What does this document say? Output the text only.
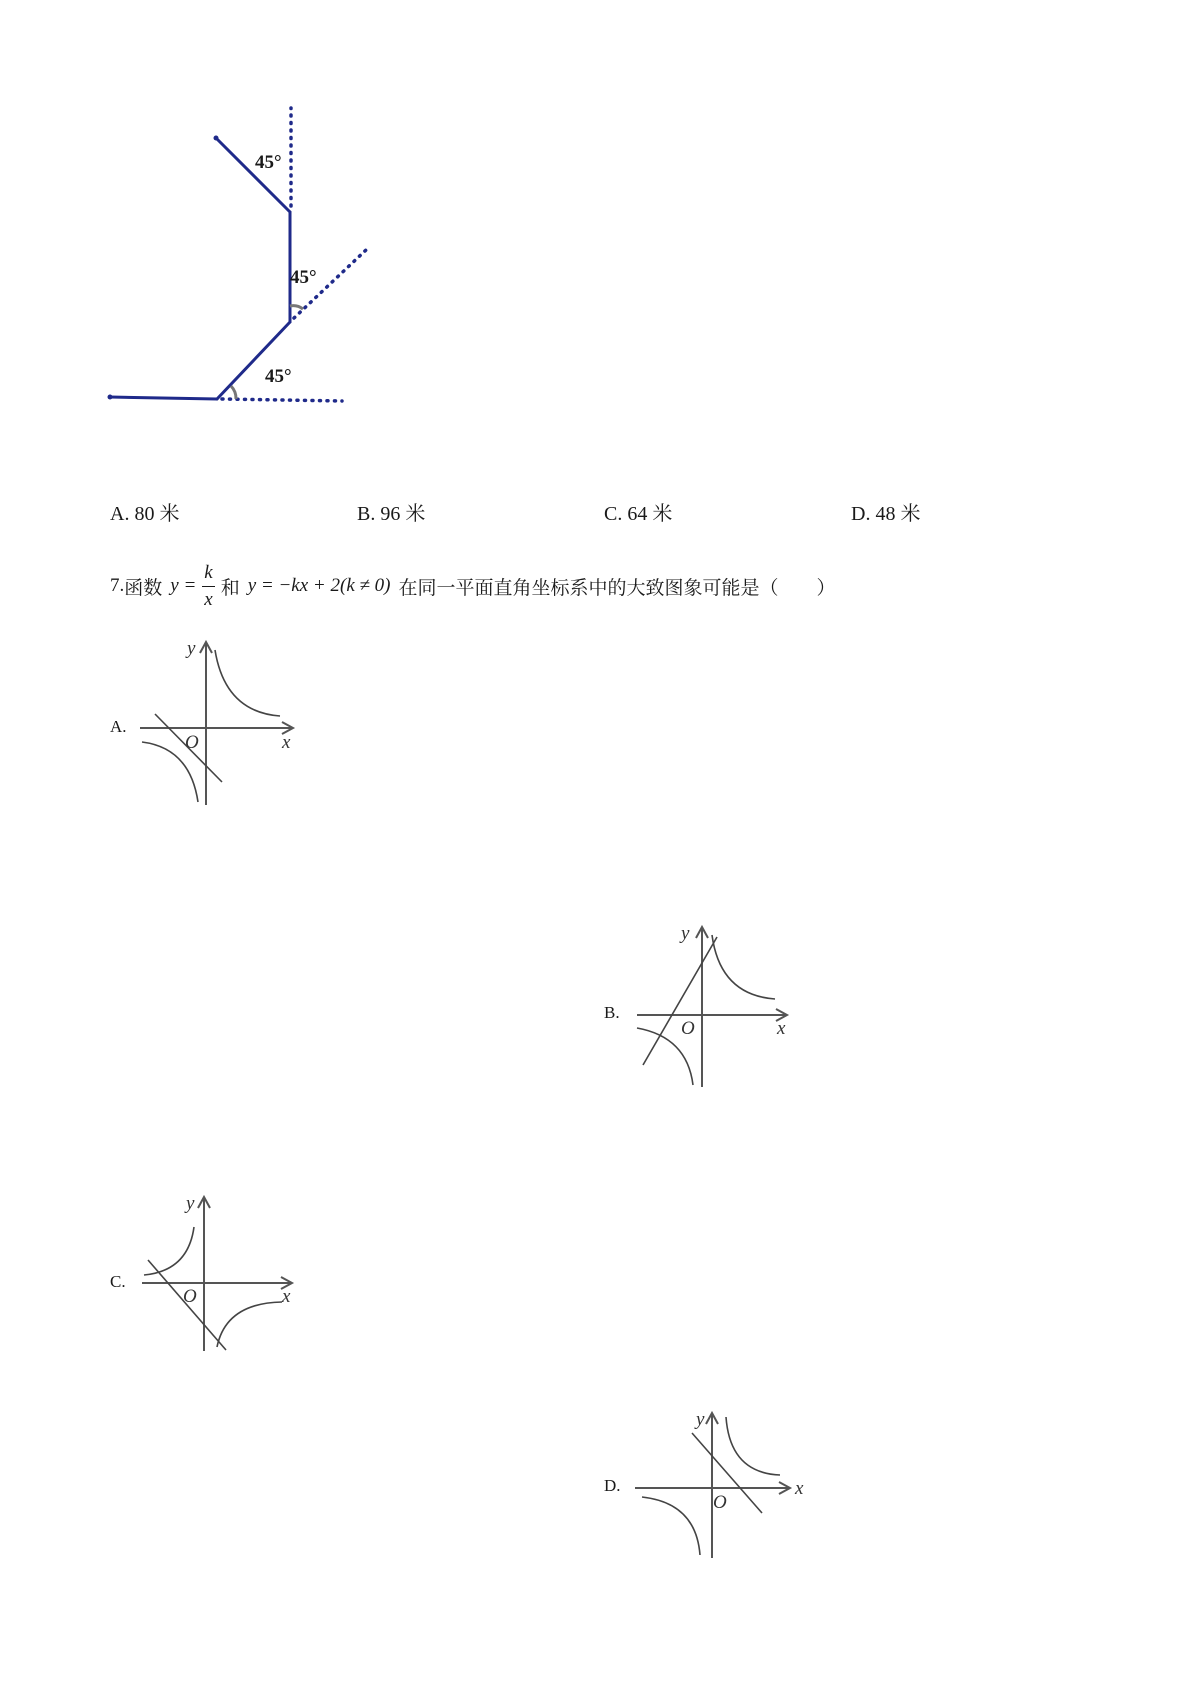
45°
45°
45°
A. 80 米	B. 96 米	C. 64 米	D. 48 米
7. 函数 $y = \frac{k}{x}$ 和 y = −kx + 2(k ≠ 0) 在同一平面直角坐标系中的大致图象可能是（　　）
A.
y
x
O
B.
y
x
O
C.
y
x
O
D.
y
x
O
